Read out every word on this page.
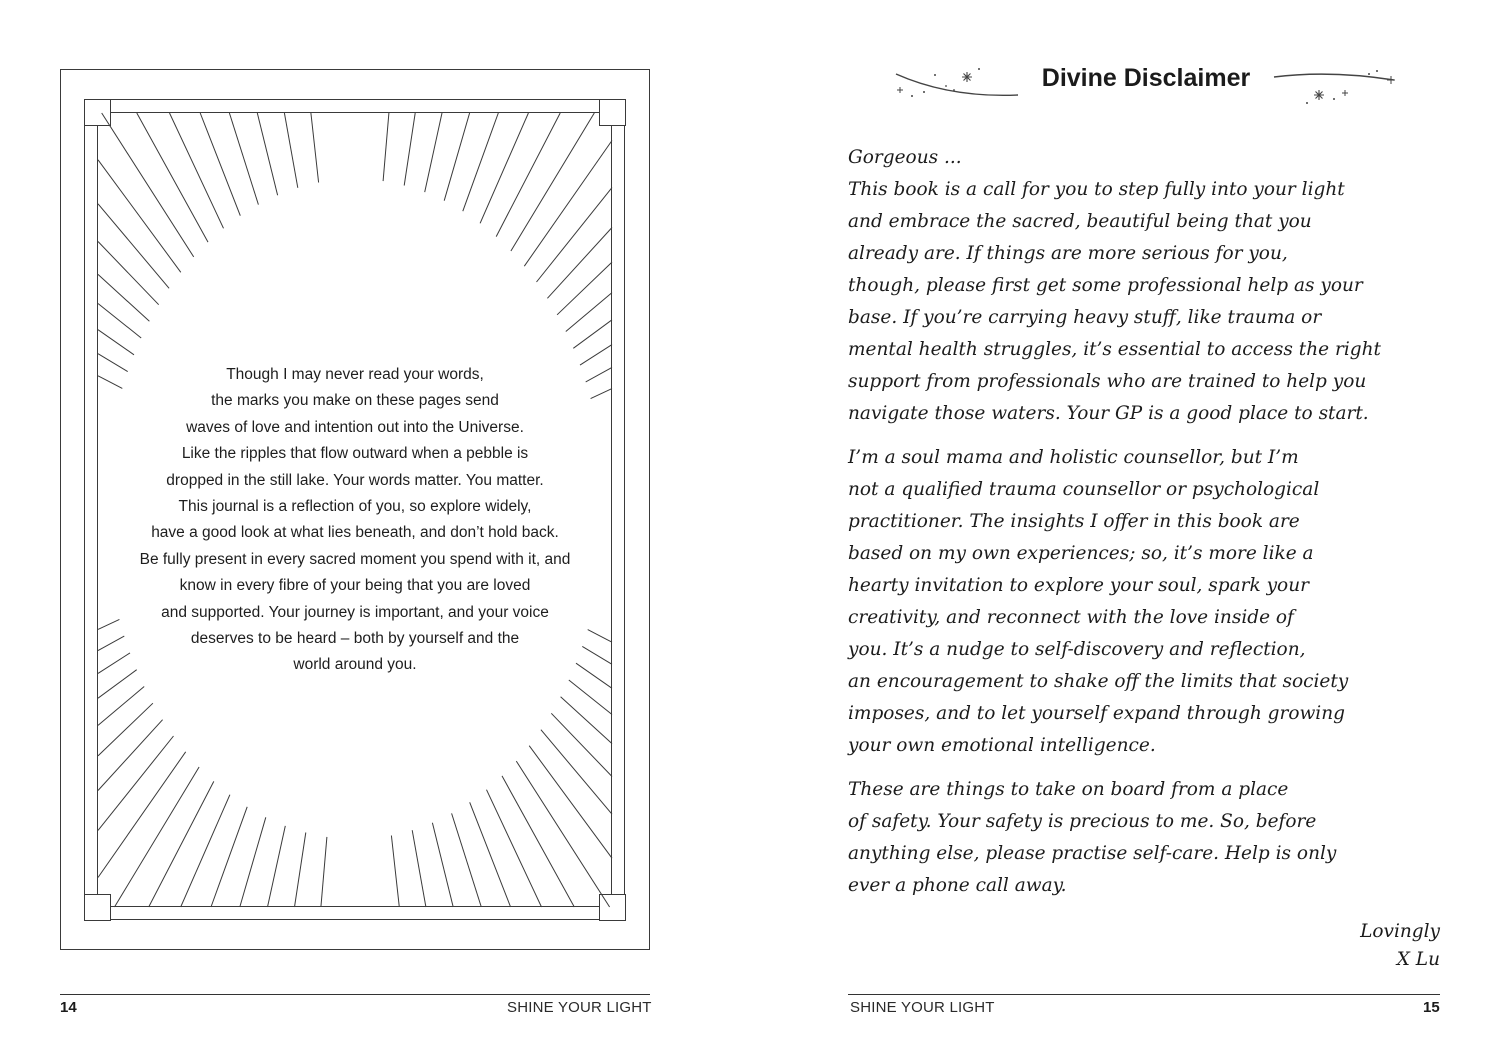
Though I may never read your words,
the marks you make on these pages send
waves of love and intention out into the Universe.
Like the ripples that flow outward when a pebble is
dropped in the still lake. Your words matter. You matter.
This journal is a reflection of you, so explore widely,
have a good look at what lies beneath, and don’t hold back.
Be fully present in every sacred moment you spend with it, and
know in every fibre of your being that you are loved
and supported. Your journey is important, and your voice
deserves to be heard – both by yourself and the
world around you.
14	SHINE YOUR LIGHT
Divine Disclaimer
Gorgeous ...
This book is a call for you to step fully into your light
and embrace the sacred, beautiful being that you
already are. If things are more serious for you,
though, please first get some professional help as your
base. If you’re carrying heavy stuff, like trauma or
mental health struggles, it’s essential to access the right
support from professionals who are trained to help you
navigate those waters. Your GP is a good place to start.
I’m a soul mama and holistic counsellor, but I’m
not a qualified trauma counsellor or psychological
practitioner. The insights I offer in this book are
based on my own experiences; so, it’s more like a
hearty invitation to explore your soul, spark your
creativity, and reconnect with the love inside of
you. It’s a nudge to self-discovery and reflection,
an encouragement to shake off the limits that society
imposes, and to let yourself expand through growing
your own emotional intelligence.
These are things to take on board from a place
of safety. Your safety is precious to me. So, before
anything else, please practise self-care. Help is only
ever a phone call away.
Lovingly
X Lu
SHINE YOUR LIGHT	15
